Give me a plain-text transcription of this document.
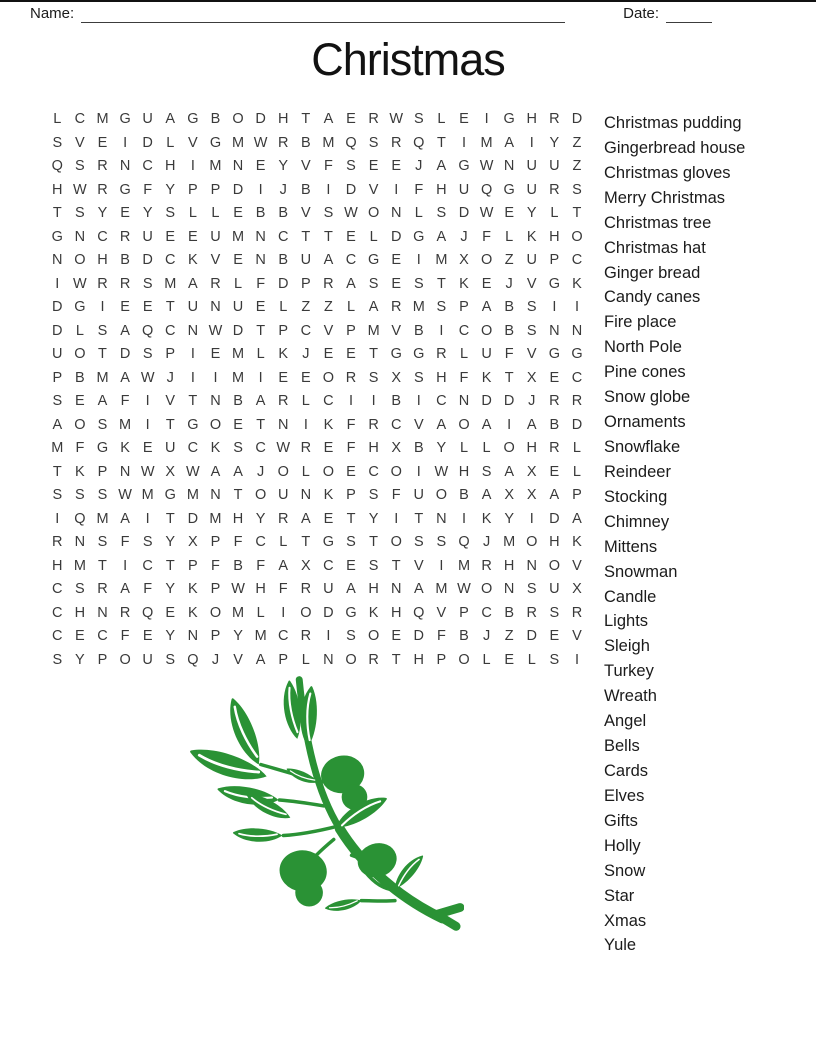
Name:	Date:
Christmas
L C M G U A G B O D H T A E R W S L E	I	G H R D
S V E	I	D L V G M W R B M Q S R Q T	I	M A	I	Y Z
Q S R N C H	I	M N E Y V F S E E J A G W N U U Z
H W R G F Y P P D	I	J B	I	D V	I	F H U Q G U R S
T S Y E Y S L	L E B B V S W O N L S D W E Y L T
G N C R U E E U M N C T T E L D G A J	F L K H O
N O H B D C K V E N B U A C G E	I	M X O Z U P C
I W R R S M A R L F D P R A S E S T K E J V G K
D G	I	E E T U N U E L Z Z L A R M S P A B S	I	I
D L S A Q C N W D T P C V P M V B	I	C O B S N N
U O T D S P	I	E M L K J E E T G G R L U F V G G
P B M A W J	I	I	M	I	E E O R S X S H F K T X E C
S E A F	I	V T N B A R L C	I	I	B	I	C N D D J R R
A O S M	I	T G O E T N	I	K F R C V A O A	I	A B D
M F G K E U C K S C W R E F H X B Y L	L O H R L
T K P N W X W A A J O L O E C O	I W H S A X E L
S S S W M G M N T O U N K P S F U O B A X X A P
I	Q M A	I	T D M H Y R A E T Y	I	T N	I	K Y	I	D A
R N S F S Y X P F C L T G S T O S S Q J M O H K
H M T	I	C T P F B F A X C E S T V	I	M R H N O V
C S R A F Y K P W H F R U A H N A M W O N S U X
C H N R Q E K O M L	I	O D G K H Q V P C B R S R
C E C F E Y N P Y M C R	I	S O E D F B J	Z D E V
S Y P O U S Q J V A P L N O R T H P O L E L S	I
Christmas pudding
Gingerbread house
Christmas gloves
Merry Christmas
Christmas tree
Christmas hat
Ginger bread
Candy canes
Fire place
North Pole
Pine cones
Snow globe
Ornaments
Snowflake
Reindeer
Stocking
Chimney
Mittens
Snowman
Candle
Lights
Sleigh
Turkey
Wreath
Angel
Bells
Cards
Elves
Gifts
Holly
Snow
Star
Xmas
Yule
